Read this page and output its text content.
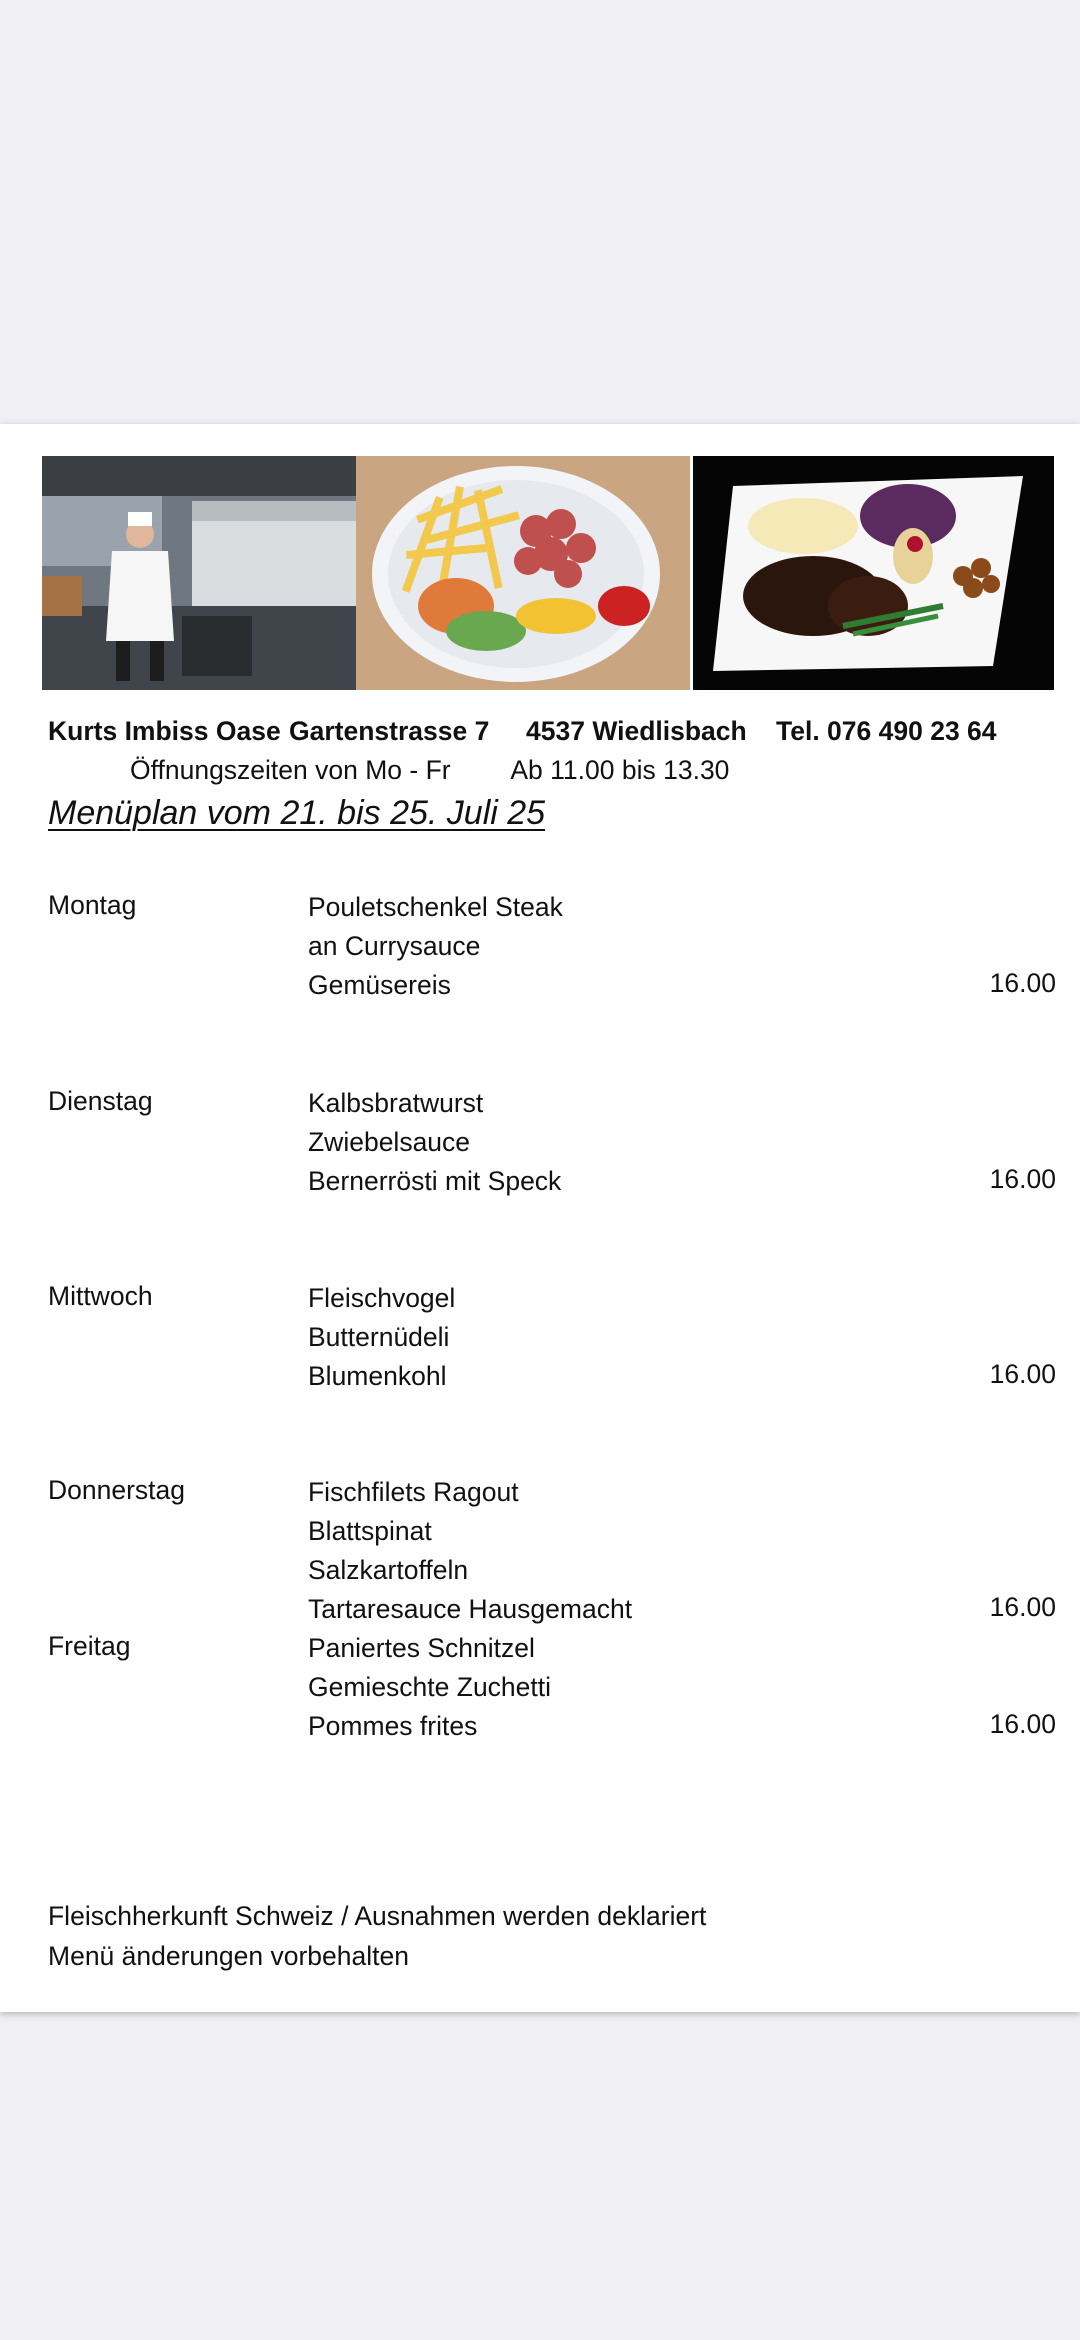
Kurts Imbiss Oase Gartenstrasse 7	4537 Wiedlisbach	Tel. 076 490 23 64
Öffnungszeiten von Mo - Fr Ab 11.00 bis 13.30
Menüplan vom 21. bis 25. Juli 25
Montag	Pouletschenkel Steak
an Currysauce
Gemüsereis	16.00
Dienstag	Kalbsbratwurst
Zwiebelsauce
Bernerrösti mit Speck	16.00
Mittwoch	Fleischvogel
Butternüdeli
Blumenkohl	16.00
Donnerstag	Fischfilets Ragout
Blattspinat
Salzkartoffeln
Tartaresauce Hausgemacht	16.00
Freitag	Paniertes Schnitzel
Gemieschte Zuchetti
Pommes frites	16.00
Fleischherkunft Schweiz / Ausnahmen werden deklariert
Menü änderungen vorbehalten
